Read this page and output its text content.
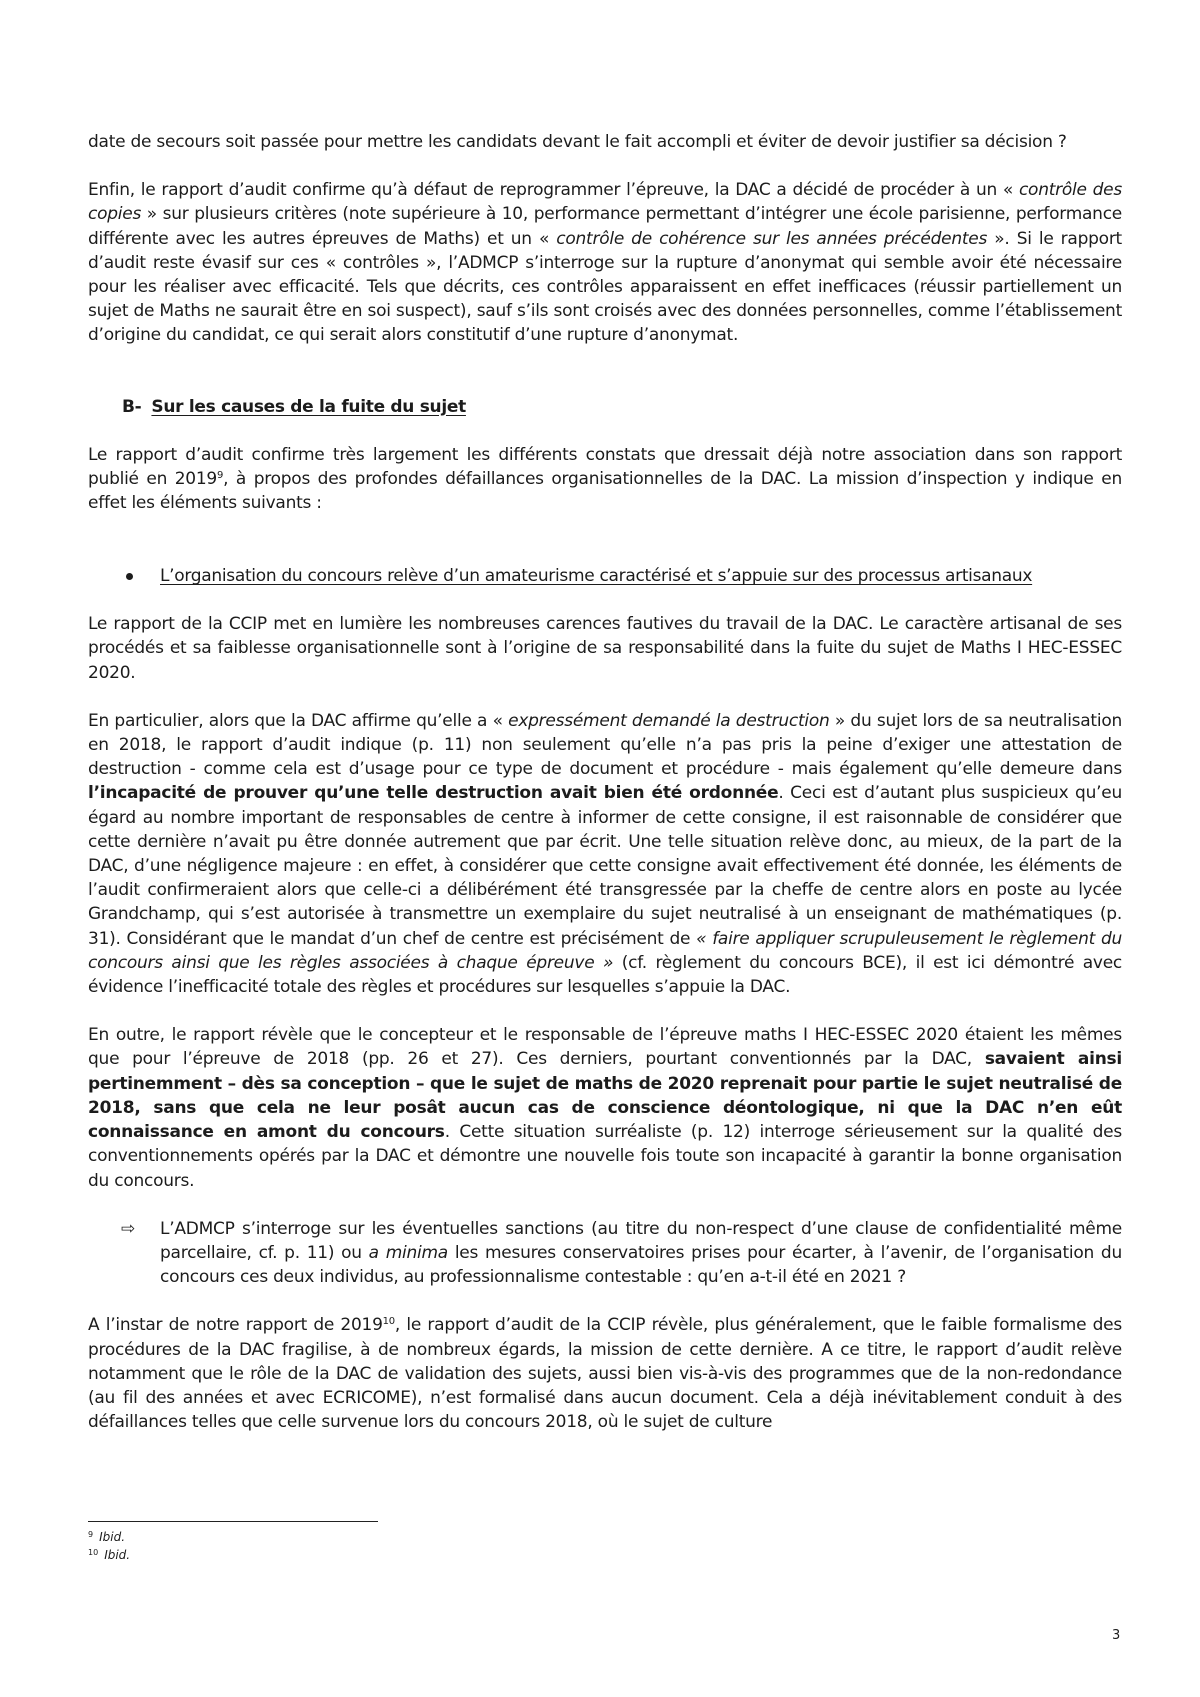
date de secours soit passée pour mettre les candidats devant le fait accompli et éviter de devoir justifier sa décision ?

Enfin, le rapport d’audit confirme qu’à défaut de reprogrammer l’épreuve, la DAC a décidé de procéder à un « contrôle des copies » sur plusieurs critères (note supérieure à 10, performance permettant d’intégrer une école parisienne, performance différente avec les autres épreuves de Maths) et un « contrôle de cohérence sur les années précédentes ». Si le rapport d’audit reste évasif sur ces « contrôles », l’ADMCP s’interroge sur la rupture d’anonymat qui semble avoir été nécessaire pour les réaliser avec efficacité. Tels que décrits, ces contrôles apparaissent en effet inefficaces (réussir partiellement un sujet de Maths ne saurait être en soi suspect), sauf s’ils sont croisés avec des données personnelles, comme l’établissement d’origine du candidat, ce qui serait alors constitutif d’une rupture d’anonymat.

B- Sur les causes de la fuite du sujet

Le rapport d’audit confirme très largement les différents constats que dressait déjà notre association dans son rapport publié en 2019$^9$, à propos des profondes défaillances organisationnelles de la DAC. La mission d’inspection y indique en effet les éléments suivants :

L’organisation du concours relève d’un amateurisme caractérisé et s’appuie sur des processus artisanaux

Le rapport de la CCIP met en lumière les nombreuses carences fautives du travail de la DAC. Le caractère artisanal de ses procédés et sa faiblesse organisationnelle sont à l’origine de sa responsabilité dans la fuite du sujet de Maths I HEC-ESSEC 2020.

En particulier, alors que la DAC affirme qu’elle a « expressément demandé la destruction » du sujet lors de sa neutralisation en 2018, le rapport d’audit indique (p. 11) non seulement qu’elle n’a pas pris la peine d’exiger une attestation de destruction - comme cela est d’usage pour ce type de document et procédure - mais également qu’elle demeure dans l’incapacité de prouver qu’une telle destruction avait bien été ordonnée. Ceci est d’autant plus suspicieux qu’eu égard au nombre important de responsables de centre à informer de cette consigne, il est raisonnable de considérer que cette dernière n’avait pu être donnée autrement que par écrit. Une telle situation relève donc, au mieux, de la part de la DAC, d’une négligence majeure : en effet, à considérer que cette consigne avait effectivement été donnée, les éléments de l’audit confirmeraient alors que celle-ci a délibérément été transgressée par la cheffe de centre alors en poste au lycée Grandchamp, qui s’est autorisée à transmettre un exemplaire du sujet neutralisé à un enseignant de mathématiques (p. 31). Considérant que le mandat d’un chef de centre est précisément de « faire appliquer scrupuleusement le règlement du concours ainsi que les règles associées à chaque épreuve » (cf. règlement du concours BCE), il est ici démontré avec évidence l’inefficacité totale des règles et procédures sur lesquelles s’appuie la DAC.

En outre, le rapport révèle que le concepteur et le responsable de l’épreuve maths I HEC-ESSEC 2020 étaient les mêmes que pour l’épreuve de 2018 (pp. 26 et 27). Ces derniers, pourtant conventionnés par la DAC, savaient ainsi pertinemment – dès sa conception – que le sujet de maths de 2020 reprenait pour partie le sujet neutralisé de 2018, sans que cela ne leur posât aucun cas de conscience déontologique, ni que la DAC n’en eût connaissance en amont du concours. Cette situation surréaliste (p. 12) interroge sérieusement sur la qualité des conventionnements opérés par la DAC et démontre une nouvelle fois toute son incapacité à garantir la bonne organisation du concours.

⇨ L’ADMCP s’interroge sur les éventuelles sanctions (au titre du non-respect d’une clause de confidentialité même parcellaire, cf. p. 11) ou a minima les mesures conservatoires prises pour écarter, à l’avenir, de l’organisation du concours ces deux individus, au professionnalisme contestable : qu’en a-t-il été en 2021 ?

A l’instar de notre rapport de 2019$^{10}$, le rapport d’audit de la CCIP révèle, plus généralement, que le faible formalisme des procédures de la DAC fragilise, à de nombreux égards, la mission de cette dernière. A ce titre, le rapport d’audit relève notamment que le rôle de la DAC de validation des sujets, aussi bien vis-à-vis des programmes que de la non-redondance (au fil des années et avec ECRICOME), n’est formalisé dans aucun document. Cela a déjà inévitablement conduit à des défaillances telles que celle survenue lors du concours 2018, où le sujet de culture

$^9$ Ibid.
$^{10}$ Ibid.
3
